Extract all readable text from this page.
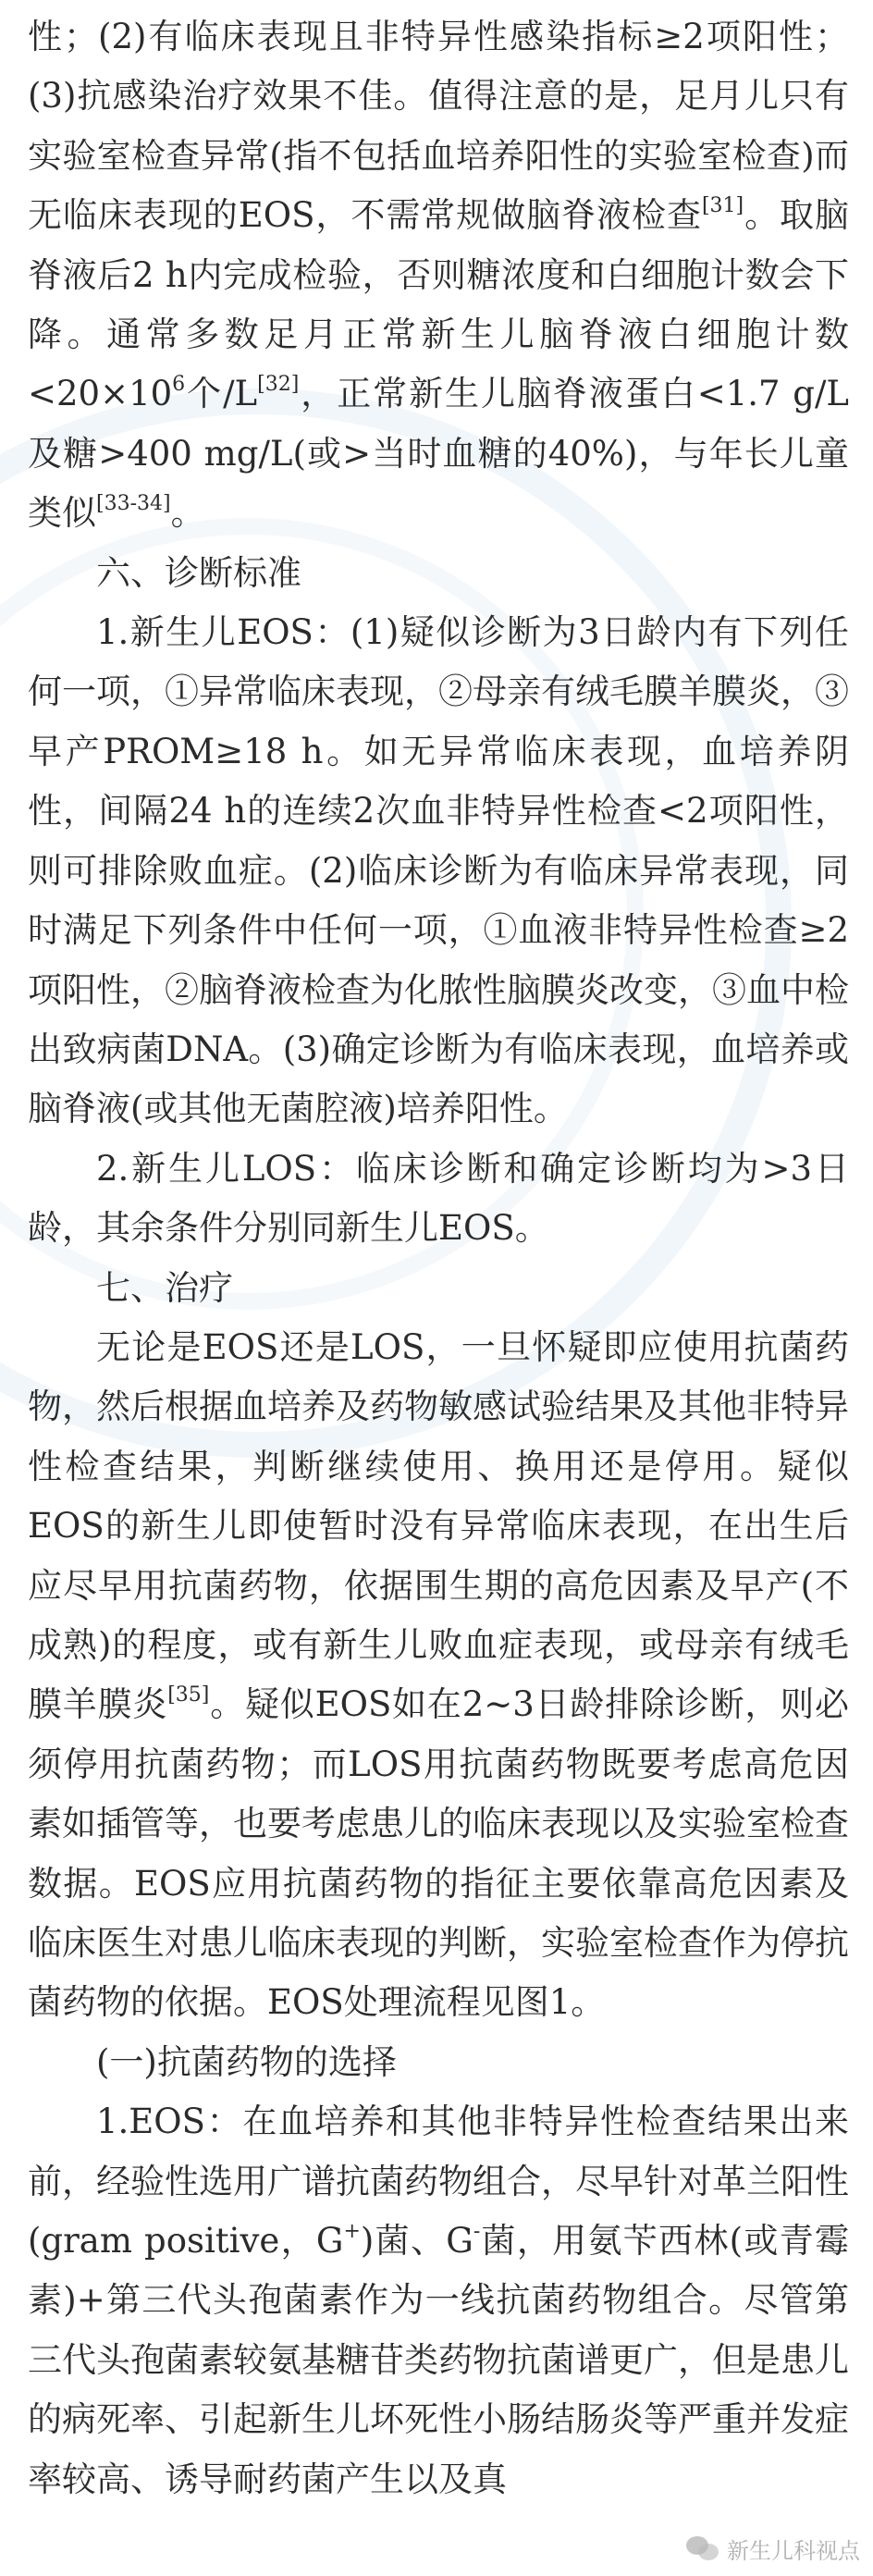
性；(2)有临床表现且非特异性感染指标≥2项阳性；(3)抗感染治疗效果不佳。值得注意的是，足月儿只有实验室检查异常(指不包括血培养阳性的实验室检查)而无临床表现的EOS，不需常规做脑脊液检查[31]。取脑脊液后2 h内完成检验，否则糖浓度和白细胞计数会下降。通常多数足月正常新生儿脑脊液白细胞计数$<20\times 10^6$个/L[32]，正常新生儿脑脊液蛋白<1.7 g/L及糖>400 mg/L(或>当时血糖的40%)，与年长儿童类似[33-34]。

六、诊断标准

1.新生儿EOS：(1)疑似诊断为3日龄内有下列任何一项，①异常临床表现，②母亲有绒毛膜羊膜炎，③早产PROM≥18 h。如无异常临床表现，血培养阴性，间隔24 h的连续2次血非特异性检查<2项阳性，则可排除败血症。(2)临床诊断为有临床异常表现，同时满足下列条件中任何一项，①血液非特异性检查≥2项阳性，②脑脊液检查为化脓性脑膜炎改变，③血中检出致病菌DNA。(3)确定诊断为有临床表现，血培养或脑脊液(或其他无菌腔液)培养阳性。

2.新生儿LOS：临床诊断和确定诊断均为>3日龄，其余条件分别同新生儿EOS。

七、治疗

无论是EOS还是LOS，一旦怀疑即应使用抗菌药物，然后根据血培养及药物敏感试验结果及其他非特异性检查结果，判断继续使用、换用还是停用。疑似EOS的新生儿即使暂时没有异常临床表现，在出生后应尽早用抗菌药物，依据围生期的高危因素及早产(不成熟)的程度，或有新生儿败血症表现，或母亲有绒毛膜羊膜炎[35]。疑似EOS如在2~3日龄排除诊断，则必须停用抗菌药物；而LOS用抗菌药物既要考虑高危因素如插管等，也要考虑患儿的临床表现以及实验室检查数据。EOS应用抗菌药物的指征主要依靠高危因素及临床医生对患儿临床表现的判断，实验室检查作为停抗菌药物的依据。EOS处理流程见图1。

(一)抗菌药物的选择

1.EOS：在血培养和其他非特异性检查结果出来前，经验性选用广谱抗菌药物组合，尽早针对革兰阳性(gram positive，G+)菌、G-菌，用氨苄西林(或青霉素)+第三代头孢菌素作为一线抗菌药物组合。尽管第三代头孢菌素较氨基糖苷类药物抗菌谱更广，但是患儿的病死率、引起新生儿坏死性小肠结肠炎等严重并发症率较高、诱导耐药菌产生以及真

新生儿科视点
